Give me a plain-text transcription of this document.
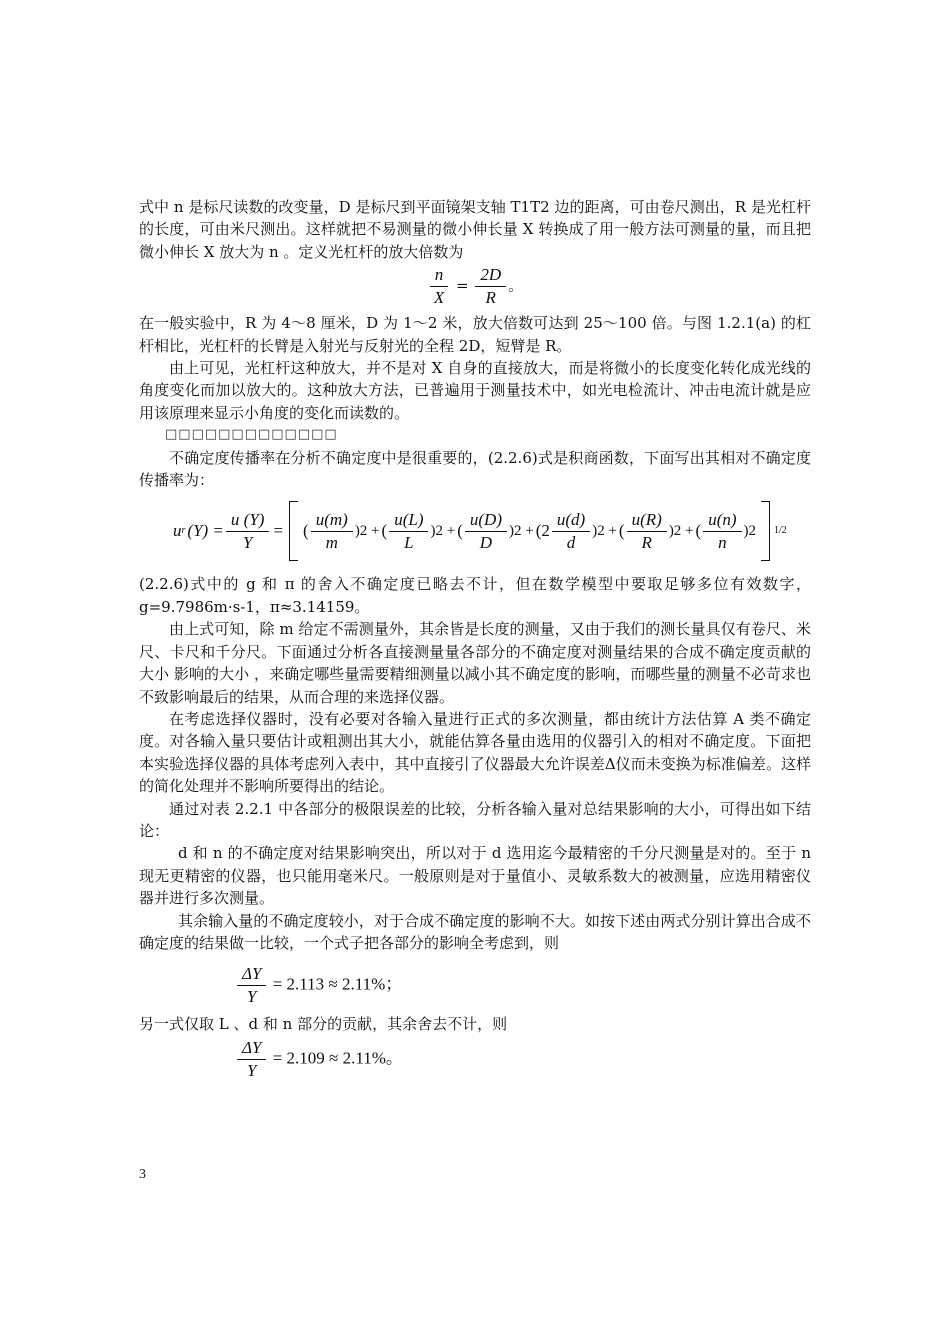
式中 n 是标尺读数的改变量，D 是标尺到平面镜架支轴 T1T2 边的距离，可由卷尺测出，R 是光杠杆的长度，可由米尺测出。这样就把不易测量的微小伸长量 X 转换成了用一般方法可测量的量，而且把微小伸长 X 放大为 n 。定义光杠杆的放大倍数为

$\frac{n}{X} = \frac{2D}{R}$ 。

在一般实验中，R 为 4～8 厘米，D 为 1～2 米，放大倍数可达到 25～100 倍。与图 1.2.1(a) 的杠杆相比，光杠杆的长臂是入射光与反射光的全程 2D，短臂是 R。

由上可见，光杠杆这种放大，并不是对 X 自身的直接放大，而是将微小的长度变化转化成光线的角度变化而加以放大的。这种放大方法，已普遍用于测量技术中，如光电检流计、冲击电流计就是应用该原理来显示小角度的变化而读数的。

□□□□□□□□□□□□□

不确定度传播率在分析不确定度中是很重要的，(2.2.6)式是积商函数，下面写出其相对不确定度传播率为：

u r $(Y) = \frac{u (Y)}{Y}$ = ( $\frac{u(m)}{m} )2$ + ( $\frac{u(L)}{L} )2$ + ( $\frac{u(D)}{D} )2 + (2 \frac{u(d)}{d} )2$ + ( $\frac{u(R)}{R} )2$ + ( $\frac{u(n)}{n} )2$ 1/2

(2.2.6)式中的 g 和 π 的舍入不确定度已略去不计，但在数学模型中要取足够多位有效数字，g=9.7986m·s-1，π≈3.14159。

由上式可知，除 m 给定不需测量外，其余皆是长度的测量，又由于我们的测长量具仅有卷尺、米尺、卡尺和千分尺。下面通过分析各直接测量量各部分的不确定度对测量结果的合成不确定度贡献的大小 影响的大小 ，来确定哪些量需要精细测量以减小其不确定度的影响，而哪些量的测量不必苛求也不致影响最后的结果，从而合理的来选择仪器。

在考虑选择仪器时，没有必要对各输入量进行正式的多次测量，都由统计方法估算 A 类不确定度。对各输入量只要估计或粗测出其大小，就能估算各量由选用的仪器引入的相对不确定度。下面把本实验选择仪器的具体考虑列入表中，其中直接引了仪器最大允许误差Δ仪而未变换为标准偏差。这样的简化处理并不影响所要得出的结论。

通过对表 2.2.1 中各部分的极限误差的比较，分析各输入量对总结果影响的大小，可得出如下结论：

d 和 n 的不确定度对结果影响突出，所以对于 d 选用迄今最精密的千分尺测量是对的。至于 n 现无更精密的仪器，也只能用毫米尺。一般原则是对于量值小、灵敏系数大的被测量，应选用精密仪器并进行多次测量。

其余输入量的不确定度较小，对于合成不确定度的影响不大。如按下述由两式分别计算出合成不确定度的结果做一比较，一个式子把各部分的影响全考虑到，则

$\frac{\Delta Y}{Y} = 2.113 \approx 2.11\%$；

另一式仅取 L 、d 和 n 部分的贡献，其余舍去不计，则

$\frac{\Delta Y}{Y} = 2.109 \approx 2.11\%$。
3
